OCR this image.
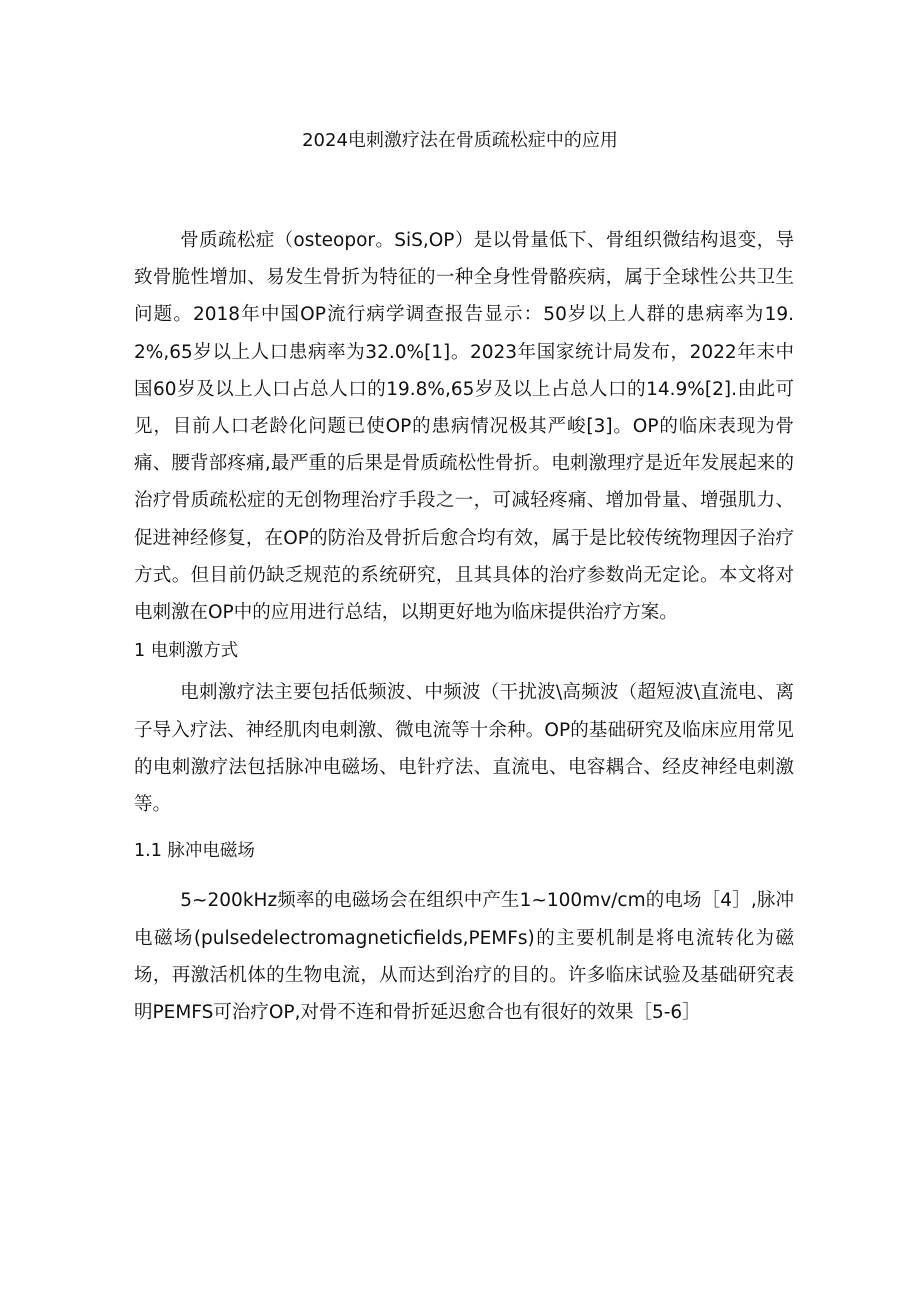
2024电刺激疗法在骨质疏松症中的应用

骨质疏松症（osteopor。SiS,OP）是以骨量低下、骨组织微结构退变，导致骨脆性增加、易发生骨折为特征的一种全身性骨骼疾病，属于全球性公共卫生问题。2018年中国OP流行病学调查报告显示：50岁以上人群的患病率为19.2%,65岁以上人口患病率为32.0%[1]。2023年国家统计局发布，2022年末中国60岁及以上人口占总人口的19.8%,65岁及以上占总人口的14.9%[2].由此可见，目前人口老龄化问题已使OP的患病情况极其严峻[3]。OP的临床表现为骨痛、腰背部疼痛,最严重的后果是骨质疏松性骨折。电刺激理疗是近年发展起来的治疗骨质疏松症的无创物理治疗手段之一，可减轻疼痛、增加骨量、增强肌力、促进神经修复，在OP的防治及骨折后愈合均有效，属于是比较传统物理因子治疗方式。但目前仍缺乏规范的系统研究，且其具体的治疗参数尚无定论。本文将对电刺激在OP中的应用进行总结，以期更好地为临床提供治疗方案。

1 电刺激方式

电刺激疗法主要包括低频波、中频波（干扰波\高频波（超短波\直流电、离子导入疗法、神经肌肉电刺激、微电流等十余种。OP的基础研究及临床应用常见的电刺激疗法包括脉冲电磁场、电针疗法、直流电、电容耦合、经皮神经电刺激等。

1.1 脉冲电磁场

5~200kHz频率的电磁场会在组织中产生1~100mv/cm的电场［4］,脉冲电磁场(pulsedelectromagneticfields,PEMFs)的主要机制是将电流转化为磁场，再激活机体的生物电流，从而达到治疗的目的。许多临床试验及基础研究表明PEMFS可治疗OP,对骨不连和骨折延迟愈合也有很好的效果［5-6］
